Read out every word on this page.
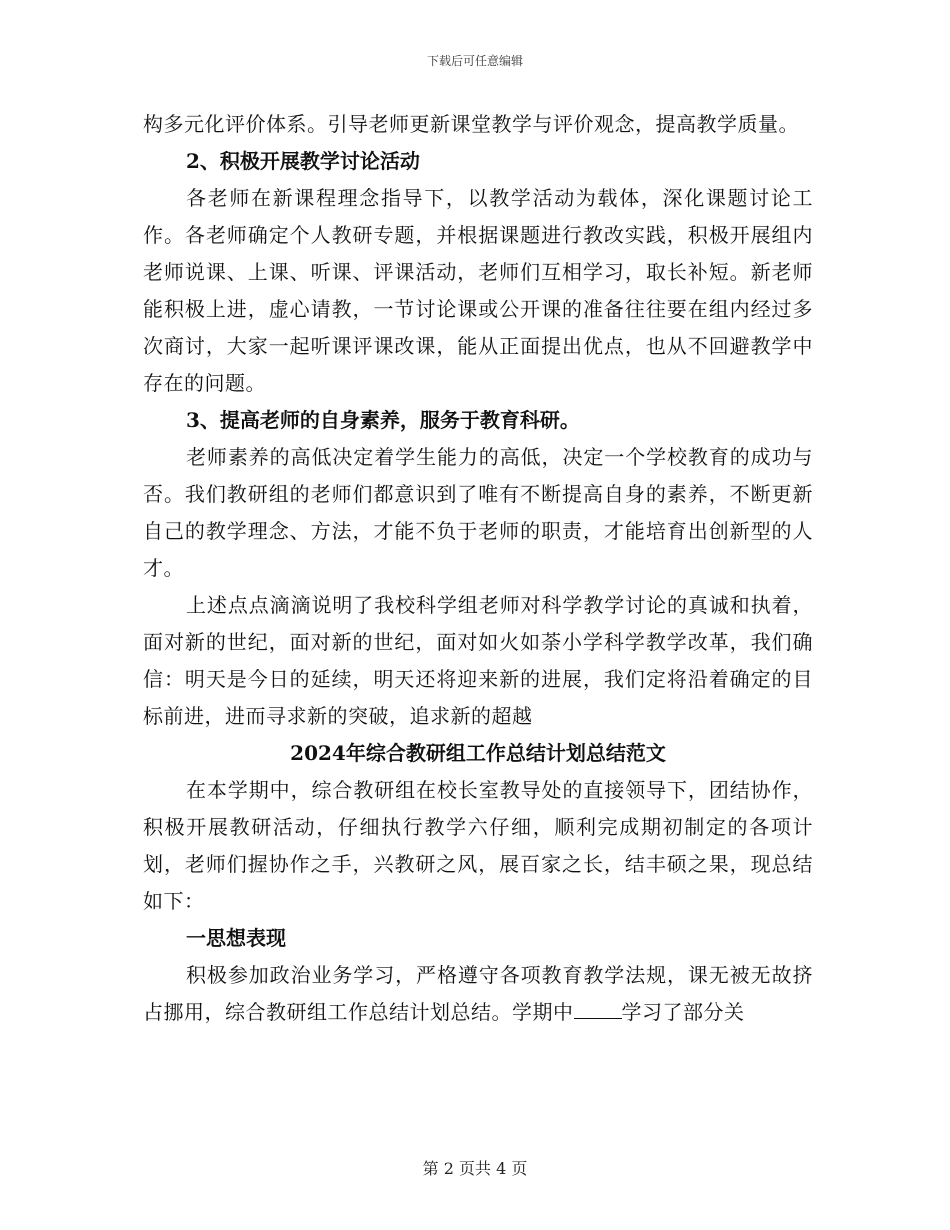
下载后可任意编辑

构多元化评价体系。引导老师更新课堂教学与评价观念，提高教学质量。

2、积极开展教学讨论活动

各老师在新课程理念指导下，以教学活动为载体，深化课题讨论工作。各老师确定个人教研专题，并根据课题进行教改实践，积极开展组内老师说课、上课、听课、评课活动，老师们互相学习，取长补短。新老师能积极上进，虚心请教，一节讨论课或公开课的准备往往要在组内经过多次商讨，大家一起听课评课改课，能从正面提出优点，也从不回避教学中存在的问题。

3、提高老师的自身素养，服务于教育科研。

老师素养的高低决定着学生能力的高低，决定一个学校教育的成功与否。我们教研组的老师们都意识到了唯有不断提高自身的素养，不断更新自己的教学理念、方法，才能不负于老师的职责，才能培育出创新型的人才。

上述点点滴滴说明了我校科学组老师对科学教学讨论的真诚和执着，面对新的世纪，面对新的世纪，面对如火如荼小学科学教学改革，我们确信：明天是今日的延续，明天还将迎来新的进展，我们定将沿着确定的目标前进，进而寻求新的突破，追求新的超越

2024年综合教研组工作总结计划总结范文

在本学期中，综合教研组在校长室教导处的直接领导下，团结协作，积极开展教研活动，仔细执行教学六仔细，顺利完成期初制定的各项计划，老师们握协作之手，兴教研之风，展百家之长，结丰硕之果，现总结如下：

一思想表现

积极参加政治业务学习，严格遵守各项教育教学法规，课无被无故挤占挪用，综合教研组工作总结计划总结。学期中 学习了部分关

第 2 页共 4 页
